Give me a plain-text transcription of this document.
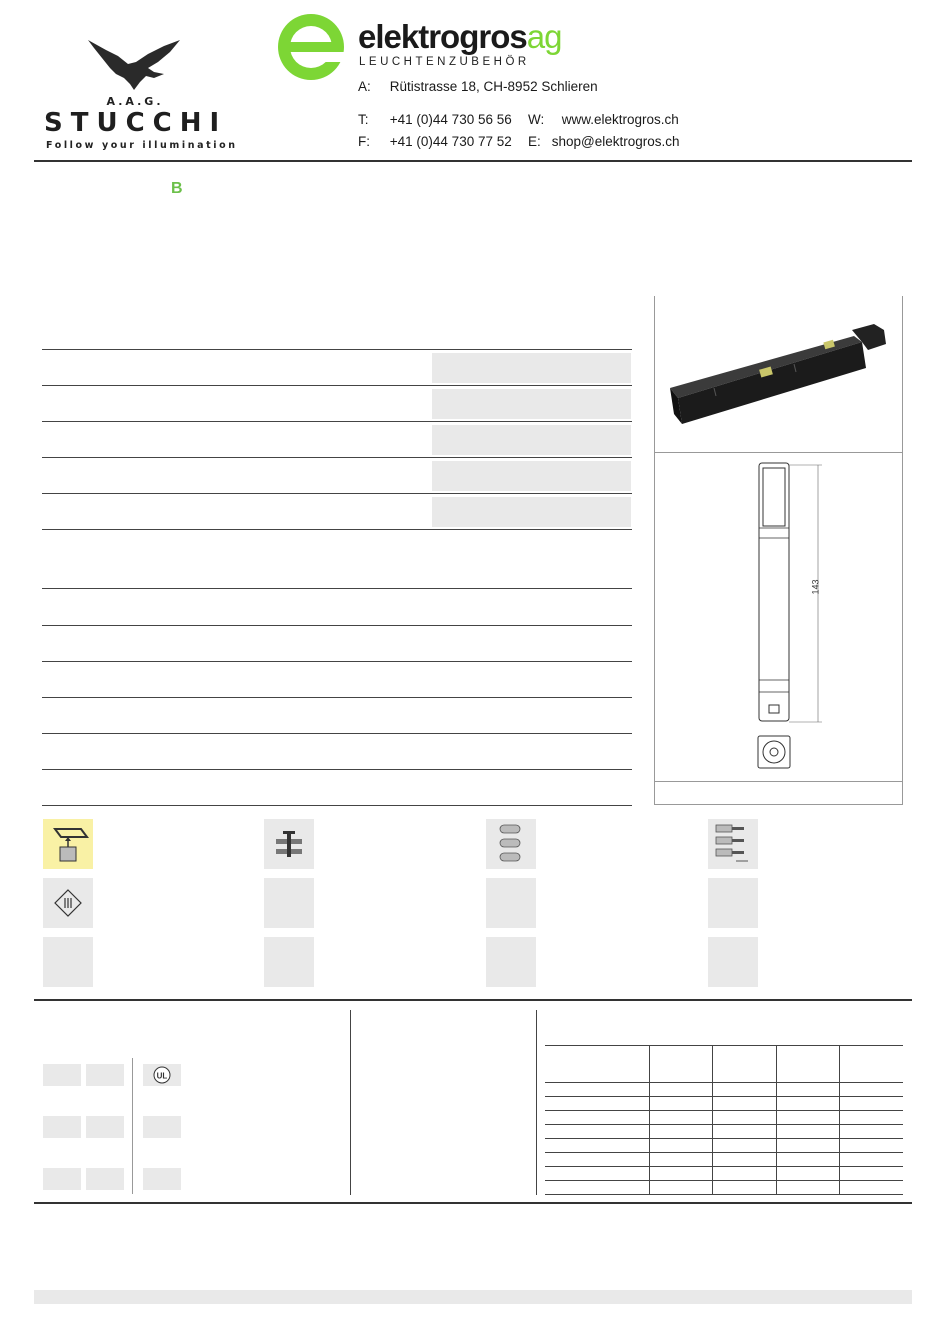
A.A.G.
STUCCHI
Follow your illumination
elektrogrosag
LEUCHTENZUBEHÖR
A: Rütistrasse 18, CH-8952 Schlieren
T: +41 (0)44 730 56 56
F: +41 (0)44 730 77 52
W: www.elektrogros.ch
E: shop@elektrogros.ch
B
143
UL
